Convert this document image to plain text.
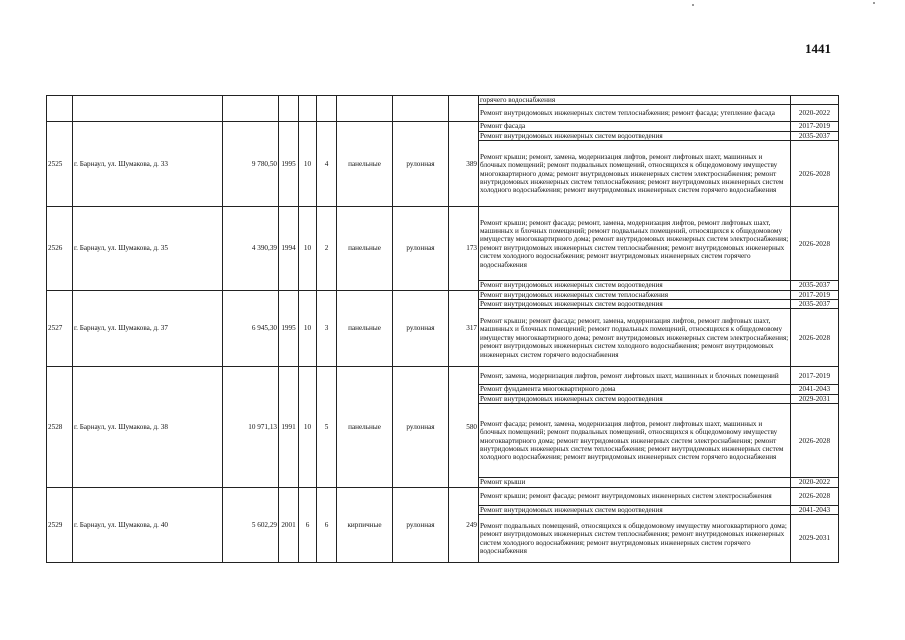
1441
									горячего водоснабжения	
									Ремонт внутридомовых инженерных систем теплоснабжения; ремонт фасада; утепление фасада	2020-2022
2525	г. Барнаул, ул. Шумакова, д. 33	9 780,50	1995	10	4	панельные	рулонная	389	Ремонт фасада	2017-2019
									Ремонт внутридомовых инженерных систем водоотведения	2035-2037
									Ремонт крыши; ремонт, замена, модернизация лифтов, ремонт лифтовых шахт, машинных и блочных помещений; ремонт подвальных помещений, относящихся к общедомовому имуществу многоквартирного дома; ремонт внутридомовых инженерных систем электроснабжения; ремонт внутридомовых инженерных систем теплоснабжения; ремонт внутридомовых инженерных систем холодного водоснабжения; ремонт внутридомовых инженерных систем горячего водоснабжения	2026-2028
2526	г. Барнаул, ул. Шумакова, д. 35	4 390,39	1994	10	2	панельные	рулонная	173	Ремонт крыши; ремонт фасада; ремонт, замена, модернизация лифтов, ремонт лифтовых шахт, машинных и блочных помещений; ремонт подвальных помещений, относящихся к общедомовому имуществу многоквартирного дома; ремонт внутридомовых инженерных систем электроснабжения; ремонт внутридомовых инженерных систем теплоснабжения; ремонт внутридомовых инженерных систем холодного водоснабжения; ремонт внутридомовых инженерных систем горячего водоснабжения	2026-2028
									Ремонт внутридомовых инженерных систем водоотведения	2035-2037
2527	г. Барнаул, ул. Шумакова, д. 37	6 945,30	1995	10	3	панельные	рулонная	317	Ремонт внутридомовых инженерных систем теплоснабжения	2017-2019
									Ремонт внутридомовых инженерных систем водоотведения	2035-2037
									Ремонт крыши; ремонт фасада; ремонт, замена, модернизация лифтов, ремонт лифтовых шахт, машинных и блочных помещений; ремонт подвальных помещений, относящихся к общедомовому имуществу многоквартирного дома; ремонт внутридомовых инженерных систем электроснабжения; ремонт внутридомовых инженерных систем холодного водоснабжения; ремонт внутридомовых инженерных систем горячего водоснабжения	2026-2028
2528	г. Барнаул, ул. Шумакова, д. 38	10 971,13	1991	10	5	панельные	рулонная	580	Ремонт, замена, модернизация лифтов, ремонт лифтовых шахт, машинных и блочных помещений	2017-2019
									Ремонт фундамента многоквартирного дома	2041-2043
									Ремонт внутридомовых инженерных систем водоотведения	2029-2031
									Ремонт фасада; ремонт, замена, модернизация лифтов, ремонт лифтовых шахт, машинных и блочных помещений; ремонт подвальных помещений, относящихся к общедомовому имуществу многоквартирного дома; ремонт внутридомовых инженерных систем электроснабжения; ремонт внутридомовых инженерных систем теплоснабжения; ремонт внутридомовых инженерных систем холодного водоснабжения; ремонт внутридомовых инженерных систем горячего водоснабжения	2026-2028
									Ремонт крыши	2020-2022
2529	г. Барнаул, ул. Шумакова, д. 40	5 602,29	2001	6	6	кирпичные	рулонная	249	Ремонт крыши; ремонт фасада; ремонт внутридомовых инженерных систем электроснабжения	2026-2028
									Ремонт внутридомовых инженерных систем водоотведения	2041-2043
									Ремонт подвальных помещений, относящихся к общедомовому имуществу многоквартирного дома; ремонт внутридомовых инженерных систем теплоснабжения; ремонт внутридомовых инженерных систем холодного водоснабжения; ремонт внутридомовых инженерных систем горячего водоснабжения	2029-2031
